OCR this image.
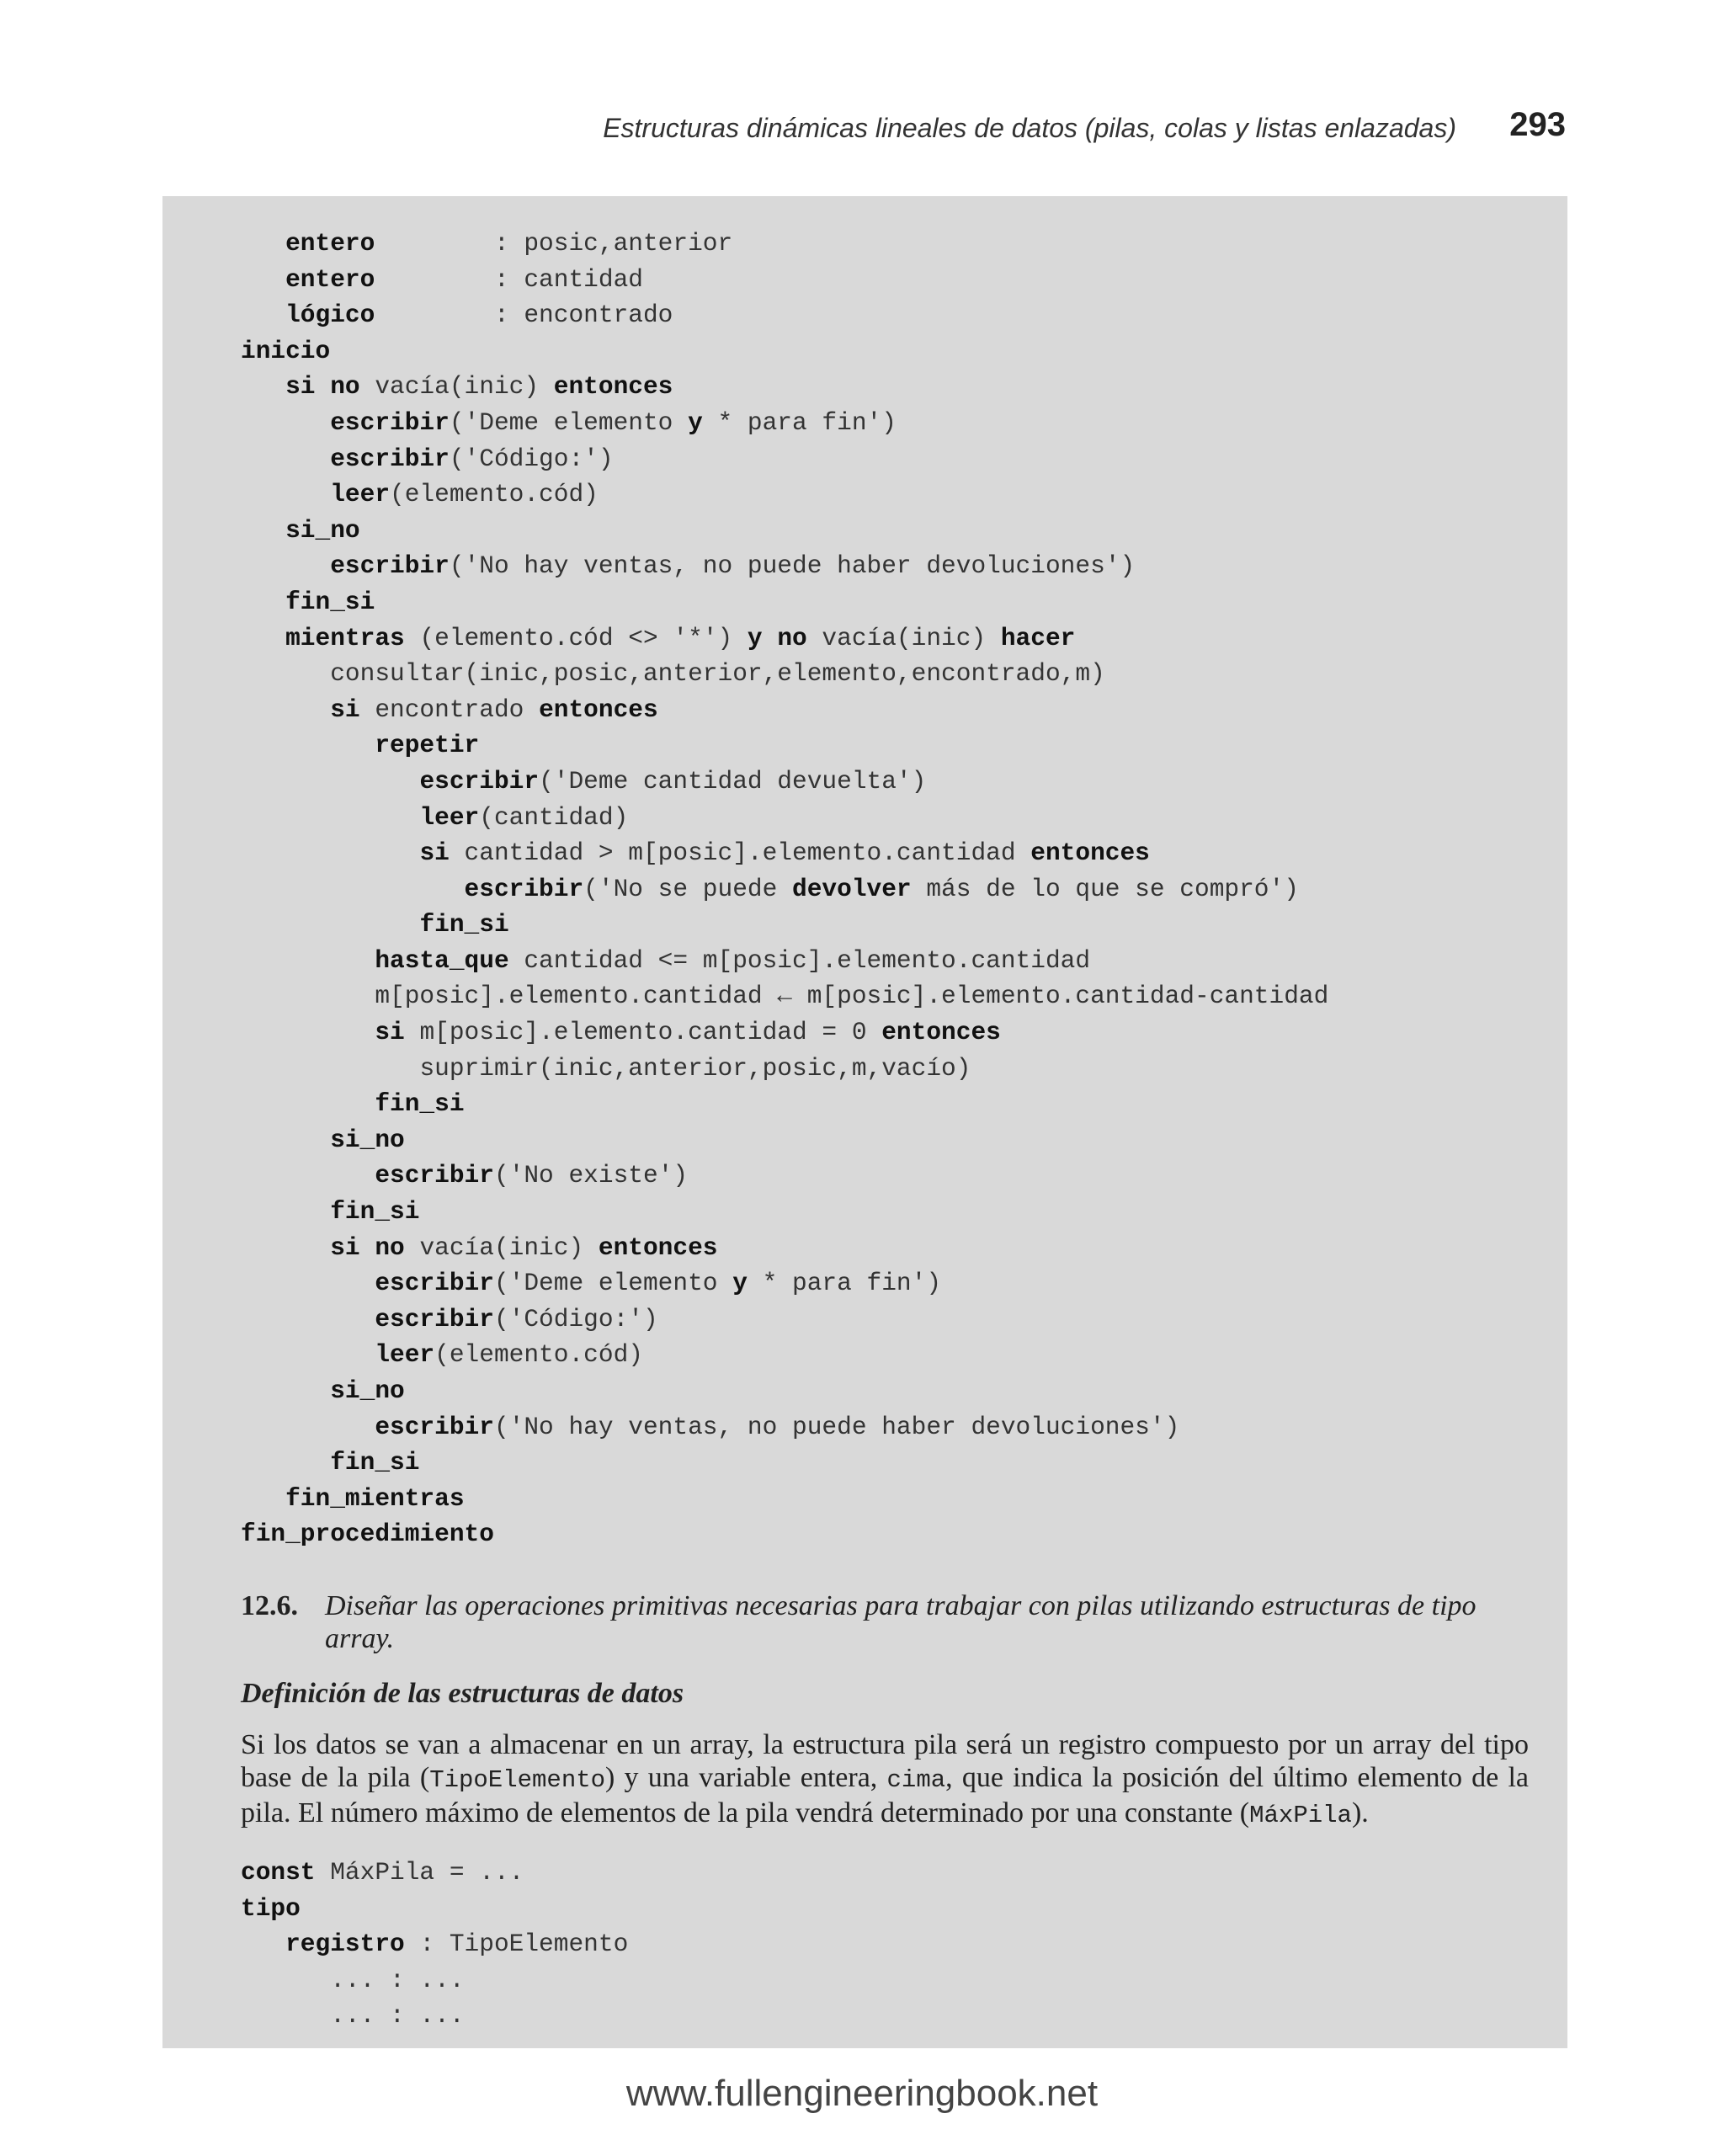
Estructuras dinámicas lineales de datos (pilas, colas y listas enlazadas) 293
entero	: posic,anterior
entero	: cantidad
lógico	: encontrado
inicio
si no vacía(inic) entonces
escribir('Deme elemento y * para fin')
escribir('Código:')
leer(elemento.cód)
si_no
escribir('No hay ventas, no puede haber devoluciones')
fin_si
mientras (elemento.cód <> '*') y no vacía(inic) hacer
consultar(inic,posic,anterior,elemento,encontrado,m)
si encontrado entonces
repetir
escribir('Deme cantidad devuelta')
leer(cantidad)
si cantidad > m[posic].elemento.cantidad entonces
escribir('No se puede devolver más de lo que se compró')
fin_si
hasta_que cantidad <= m[posic].elemento.cantidad
m[posic].elemento.cantidad ← m[posic].elemento.cantidad-cantidad
si m[posic].elemento.cantidad = 0 entonces
suprimir(inic,anterior,posic,m,vacío)
fin_si
si_no
escribir('No existe')
fin_si
si no vacía(inic) entonces
escribir('Deme elemento y * para fin')
escribir('Código:')
leer(elemento.cód)
si_no
escribir('No hay ventas, no puede haber devoluciones')
fin_si
fin_mientras
fin_procedimiento
12.6. Diseñar las operaciones primitivas necesarias para trabajar con pilas utilizando estructuras de tipo array.
Definición de las estructuras de datos
Si los datos se van a almacenar en un array, la estructura pila será un registro compuesto por un array del tipo base de la pila (TipoElemento) y una variable entera, cima, que indica la posición del último elemento de la pila. El número máximo de elementos de la pila vendrá determinado por una constante (MáxPila).
const MáxPila = ...
tipo
registro : TipoElemento
... : ...
... : ...
www.fullengineeringbook.net
